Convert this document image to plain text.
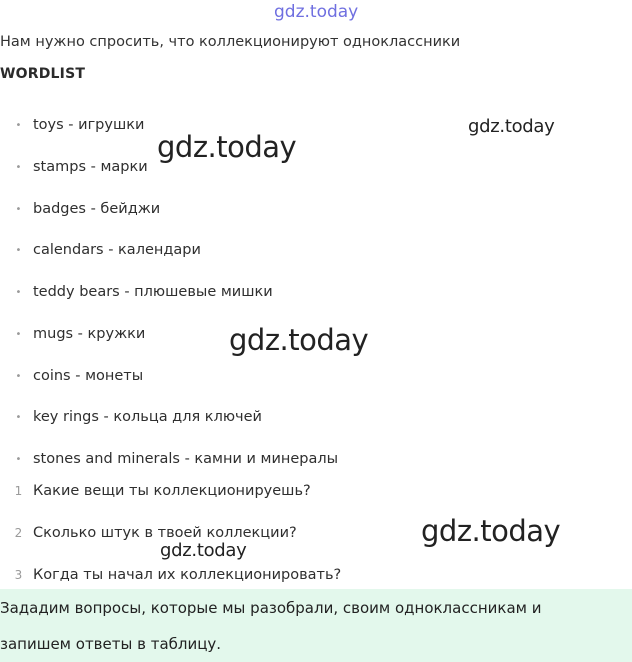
gdz.today
Нам нужно спросить, что коллекционируют одноклассники
WORDLIST
• toys - игрушки
• stamps - марки
• badges - бейджи
• calendars - календари
• teddy bears - плюшевые мишки
• mugs - кружки
• coins - монеты
• key rings - кольца для ключей
• stones and minerals - камни и минералы
1 Какие вещи ты коллекционируешь?
2 Сколько штук в твоей коллекции?
3 Когда ты начал их коллекционировать?
gdz.today
gdz.today
gdz.today
gdz.today
gdz.today
Зададим вопросы, которые мы разобрали, своим одноклассникам и
запишем ответы в таблицу.
